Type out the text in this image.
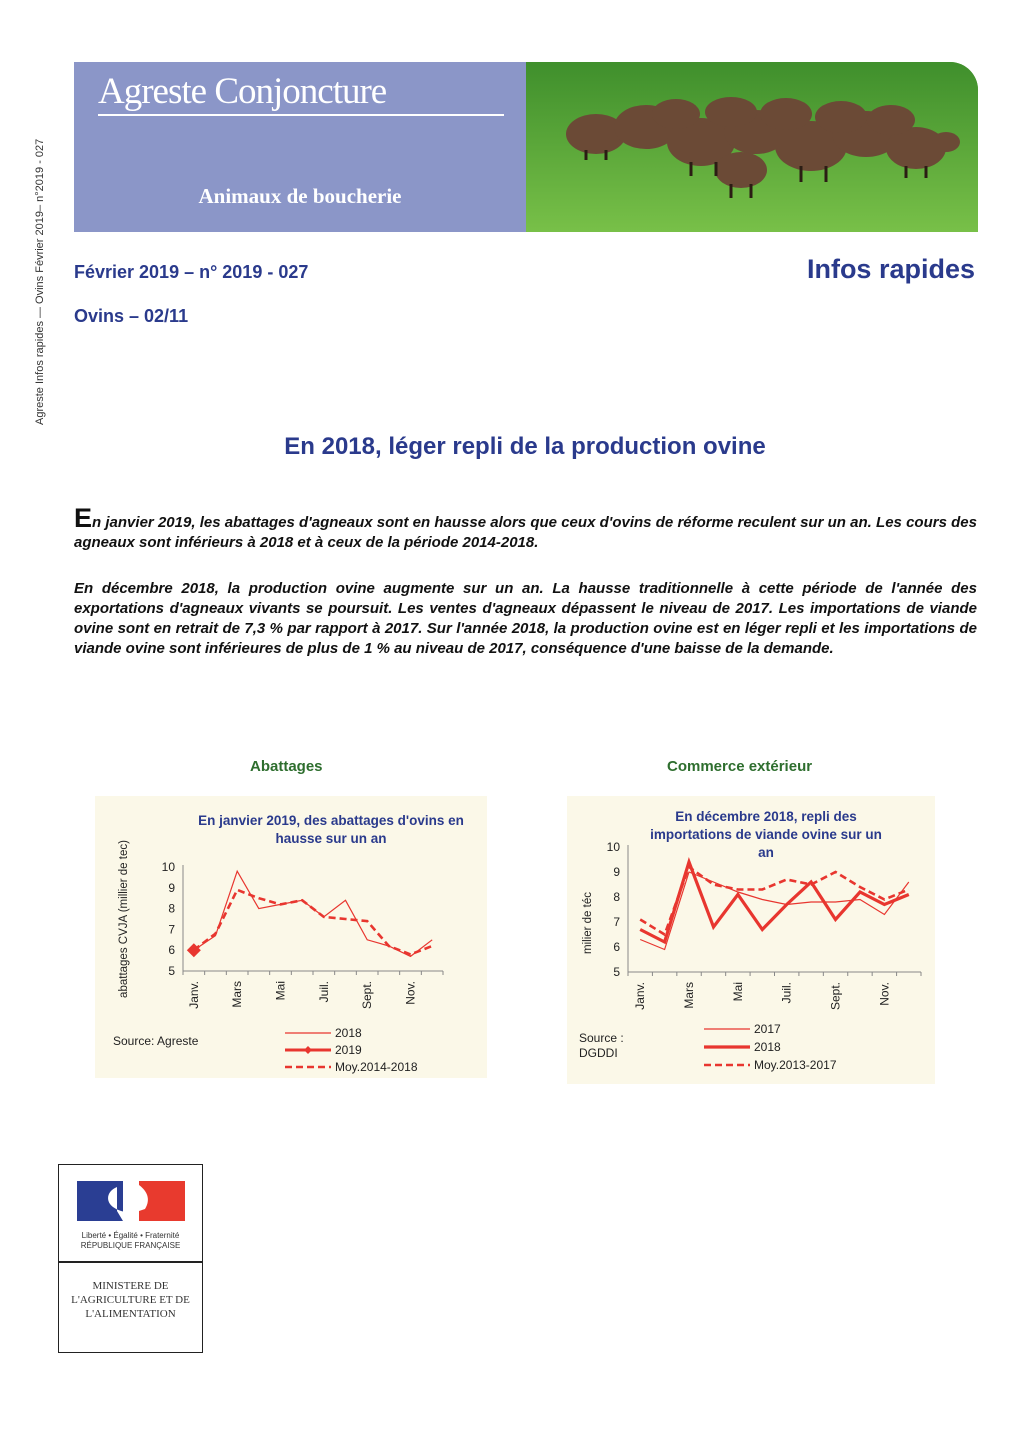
Agreste Infos rapides — Ovins Février 2019– n°2019 - 027
Agreste Conjoncture
Animaux de boucherie
Février 2019 – n° 2019 - 027
Ovins – 02/11
Infos rapides
En 2018, léger repli de la production ovine
En janvier 2019, les abattages d'agneaux sont en hausse alors que ceux d'ovins de réforme reculent sur un an. Les cours des agneaux sont inférieurs à 2018 et à ceux de la période 2014-2018.
En décembre 2018, la production ovine augmente sur un an. La hausse traditionnelle à cette période de l'année des exportations d'agneaux vivants se poursuit. Les ventes d'agneaux dépassent le niveau de 2017. Les importations de viande ovine sont en retrait de 7,3 % par rapport à 2017. Sur l'année 2018, la production ovine est en léger repli et les importations de viande ovine sont inférieures de plus de 1 % au niveau de 2017, conséquence d'une baisse de la demande.
Abattages	Commerce extérieur
En janvier 2019, des abattages d'ovins en hausse sur un an
10
9
8
7
6
5
Janv. Mars Mai Juil. Sept. Nov.
abattages CVJA (millier de tec)
2018
2019
Moy.2014-2018
Source: Agreste
En décembre 2018, repli des importations de viande ovine sur un an
10
9
8
7
6
5
Janv.	Mars	Mai	Juil.	Sept.	Nov.
milier de téc
2017
2018
Moy.2013-2017
Source : DGDDI
Liberté • Égalité • Fraternité RÉPUBLIQUE FRANÇAISE
MINISTERE DE L'AGRICULTURE ET DE L'ALIMENTATION
